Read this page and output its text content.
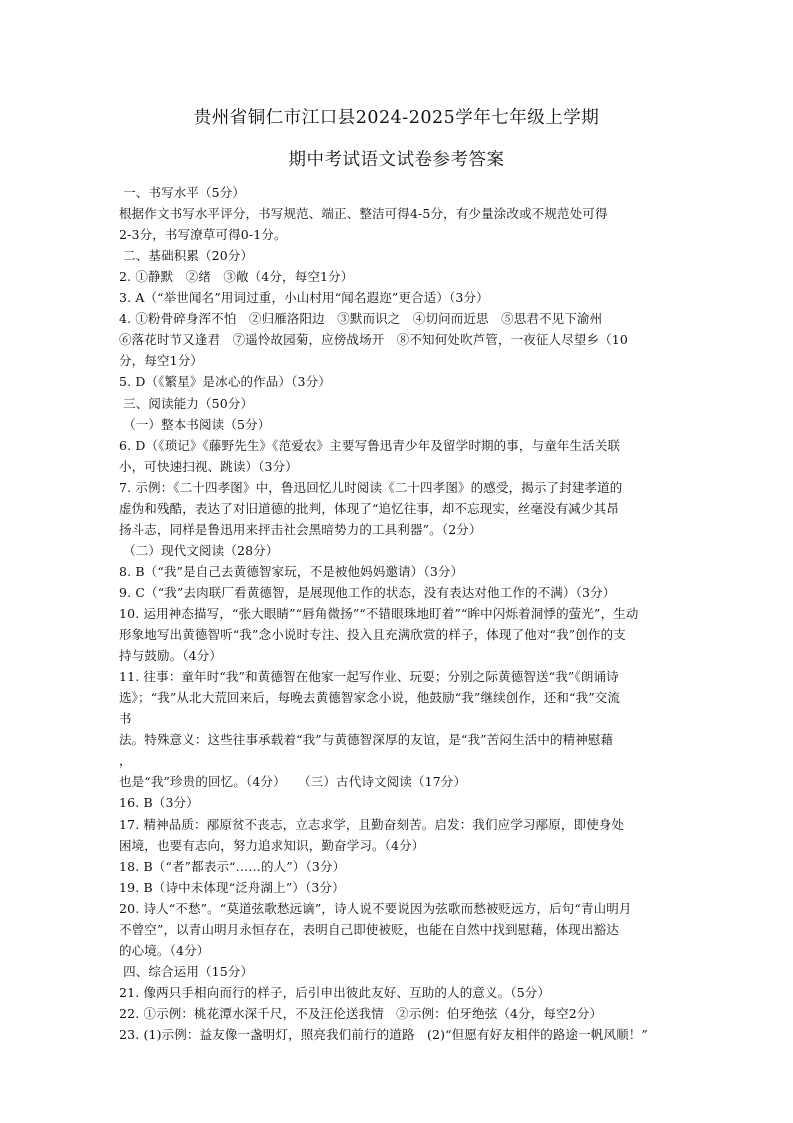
贵州省铜仁市江口县2024-2025学年七年级上学期
期中考试语文试卷参考答案
一、书写水平（5分）
根据作文书写水平评分，书写规范、端正、整洁可得4-5分，有少量涂改或不规范处可得
2-3分，书写潦草可得0-1分。
二、基础积累（20分）
2. ①静默   ②绪   ③敞（4分，每空1分）
3. A（“举世闻名”用词过重，小山村用“闻名遐迩”更合适）（3分）
4. ①粉骨碎身浑不怕   ②归雁洛阳边   ③默而识之   ④切问而近思   ⑤思君不见下渝州
⑥落花时节又逢君   ⑦遥怜故园菊，应傍战场开   ⑧不知何处吹芦管，一夜征人尽望乡（10
分，每空1分）
5. D（《繁星》是冰心的作品）（3分）
三、阅读能力（50分）
（一）整本书阅读（5分）
6. D（《琐记》《藤野先生》《范爱农》主要写鲁迅青少年及留学时期的事，与童年生活关联
小，可快速扫视、跳读）（3分）
7. 示例：《二十四孝图》中，鲁迅回忆儿时阅读《二十四孝图》的感受，揭示了封建孝道的
虚伪和残酷，表达了对旧道德的批判，体现了“追忆往事，却不忘现实，丝毫没有减少其昂
扬斗志，同样是鲁迅用来抨击社会黑暗势力的工具利器”。（2分）
（二）现代文阅读（28分）
8. B（“我”是自己去黄德智家玩，不是被他妈妈邀请）（3分）
9. C（“我”去肉联厂看黄德智，是展现他工作的状态，没有表达对他工作的不满）（3分）
10. 运用神态描写，“张大眼睛”“唇角微扬”“不错眼珠地盯着”“眸中闪烁着洞悸的萤光”，生动
形象地写出黄德智听“我”念小说时专注、投入且充满欣赏的样子，体现了他对“我”创作的支
持与鼓励。（4分）
11. 往事：童年时“我”和黄德智在他家一起写作业、玩耍；分别之际黄德智送“我”《朗诵诗
选》；“我”从北大荒回来后，每晚去黄德智家念小说，他鼓励“我”继续创作，还和“我”交流
书
法。特殊意义：这些往事承载着“我”与黄德智深厚的友谊，是“我”苦闷生活中的精神慰藉
，
也是“我”珍贵的回忆。（4分）   （三）古代诗文阅读（17分）
16. B（3分）
17. 精神品质：邴原贫不丧志，立志求学，且勤奋刻苦。启发：我们应学习邴原，即使身处
困境，也要有志向，努力追求知识，勤奋学习。（4分）
18. B（“者”都表示“……的人”）（3分）
19. B（诗中未体现“泛舟湖上”）（3分）
20. 诗人“不愁”。“莫道弦歌愁远谪”，诗人说不要说因为弦歌而愁被贬远方，后句“青山明月
不曾空”，以青山明月永恒存在，表明自己即使被贬，也能在自然中找到慰藉，体现出豁达
的心境。（4分）
四、综合运用（15分）
21. 像两只手相向而行的样子，后引申出彼此友好、互助的人的意义。（5分）
22. ①示例：桃花潭水深千尺，不及汪伦送我情   ②示例：伯牙绝弦（4分，每空2分）
23. (1)示例：益友像一盏明灯，照亮我们前行的道路   (2)“但愿有好友相伴的路途一帆风顺！”
